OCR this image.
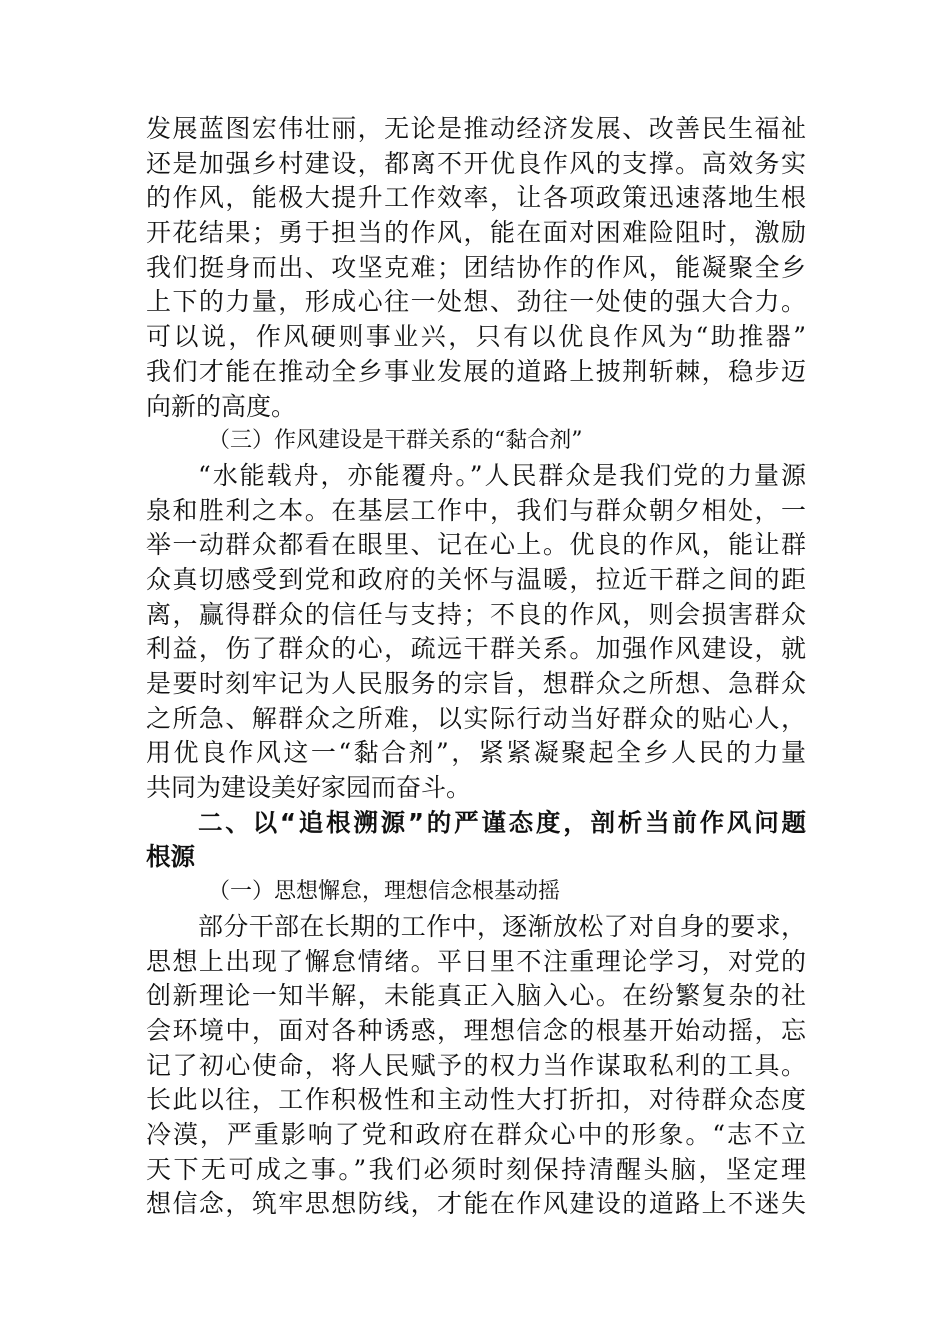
发展蓝图宏伟壮丽，无论是推动经济发展、改善民生福祉
还是加强乡村建设，都离不开优良作风的支撑。高效务实
的作风，能极大提升工作效率，让各项政策迅速落地生根
开花结果；勇于担当的作风，能在面对困难险阻时，激励
我们挺身而出、攻坚克难；团结协作的作风，能凝聚全乡
上下的力量，形成心往一处想、劲往一处使的强大合力。
可以说，作风硬则事业兴，只有以优良作风为“助推器”
我们才能在推动全乡事业发展的道路上披荆斩棘，稳步迈
向新的高度。
（三）作风建设是干群关系的“黏合剂”
“水能载舟，亦能覆舟。”人民群众是我们党的力量源
泉和胜利之本。在基层工作中，我们与群众朝夕相处，一
举一动群众都看在眼里、记在心上。优良的作风，能让群
众真切感受到党和政府的关怀与温暖，拉近干群之间的距
离，赢得群众的信任与支持；不良的作风，则会损害群众
利益，伤了群众的心，疏远干群关系。加强作风建设，就
是要时刻牢记为人民服务的宗旨，想群众之所想、急群众
之所急、解群众之所难，以实际行动当好群众的贴心人，
用优良作风这一“黏合剂”，紧紧凝聚起全乡人民的力量
共同为建设美好家园而奋斗。
二、以“追根溯源”的严谨态度，剖析当前作风问题
根源
（一）思想懈怠，理想信念根基动摇
部分干部在长期的工作中，逐渐放松了对自身的要求，
思想上出现了懈怠情绪。平日里不注重理论学习，对党的
创新理论一知半解，未能真正入脑入心。在纷繁复杂的社
会环境中，面对各种诱惑，理想信念的根基开始动摇，忘
记了初心使命，将人民赋予的权力当作谋取私利的工具。
长此以往，工作积极性和主动性大打折扣，对待群众态度
冷漠，严重影响了党和政府在群众心中的形象。“志不立
天下无可成之事。”我们必须时刻保持清醒头脑，坚定理
想信念，筑牢思想防线，才能在作风建设的道路上不迷失
